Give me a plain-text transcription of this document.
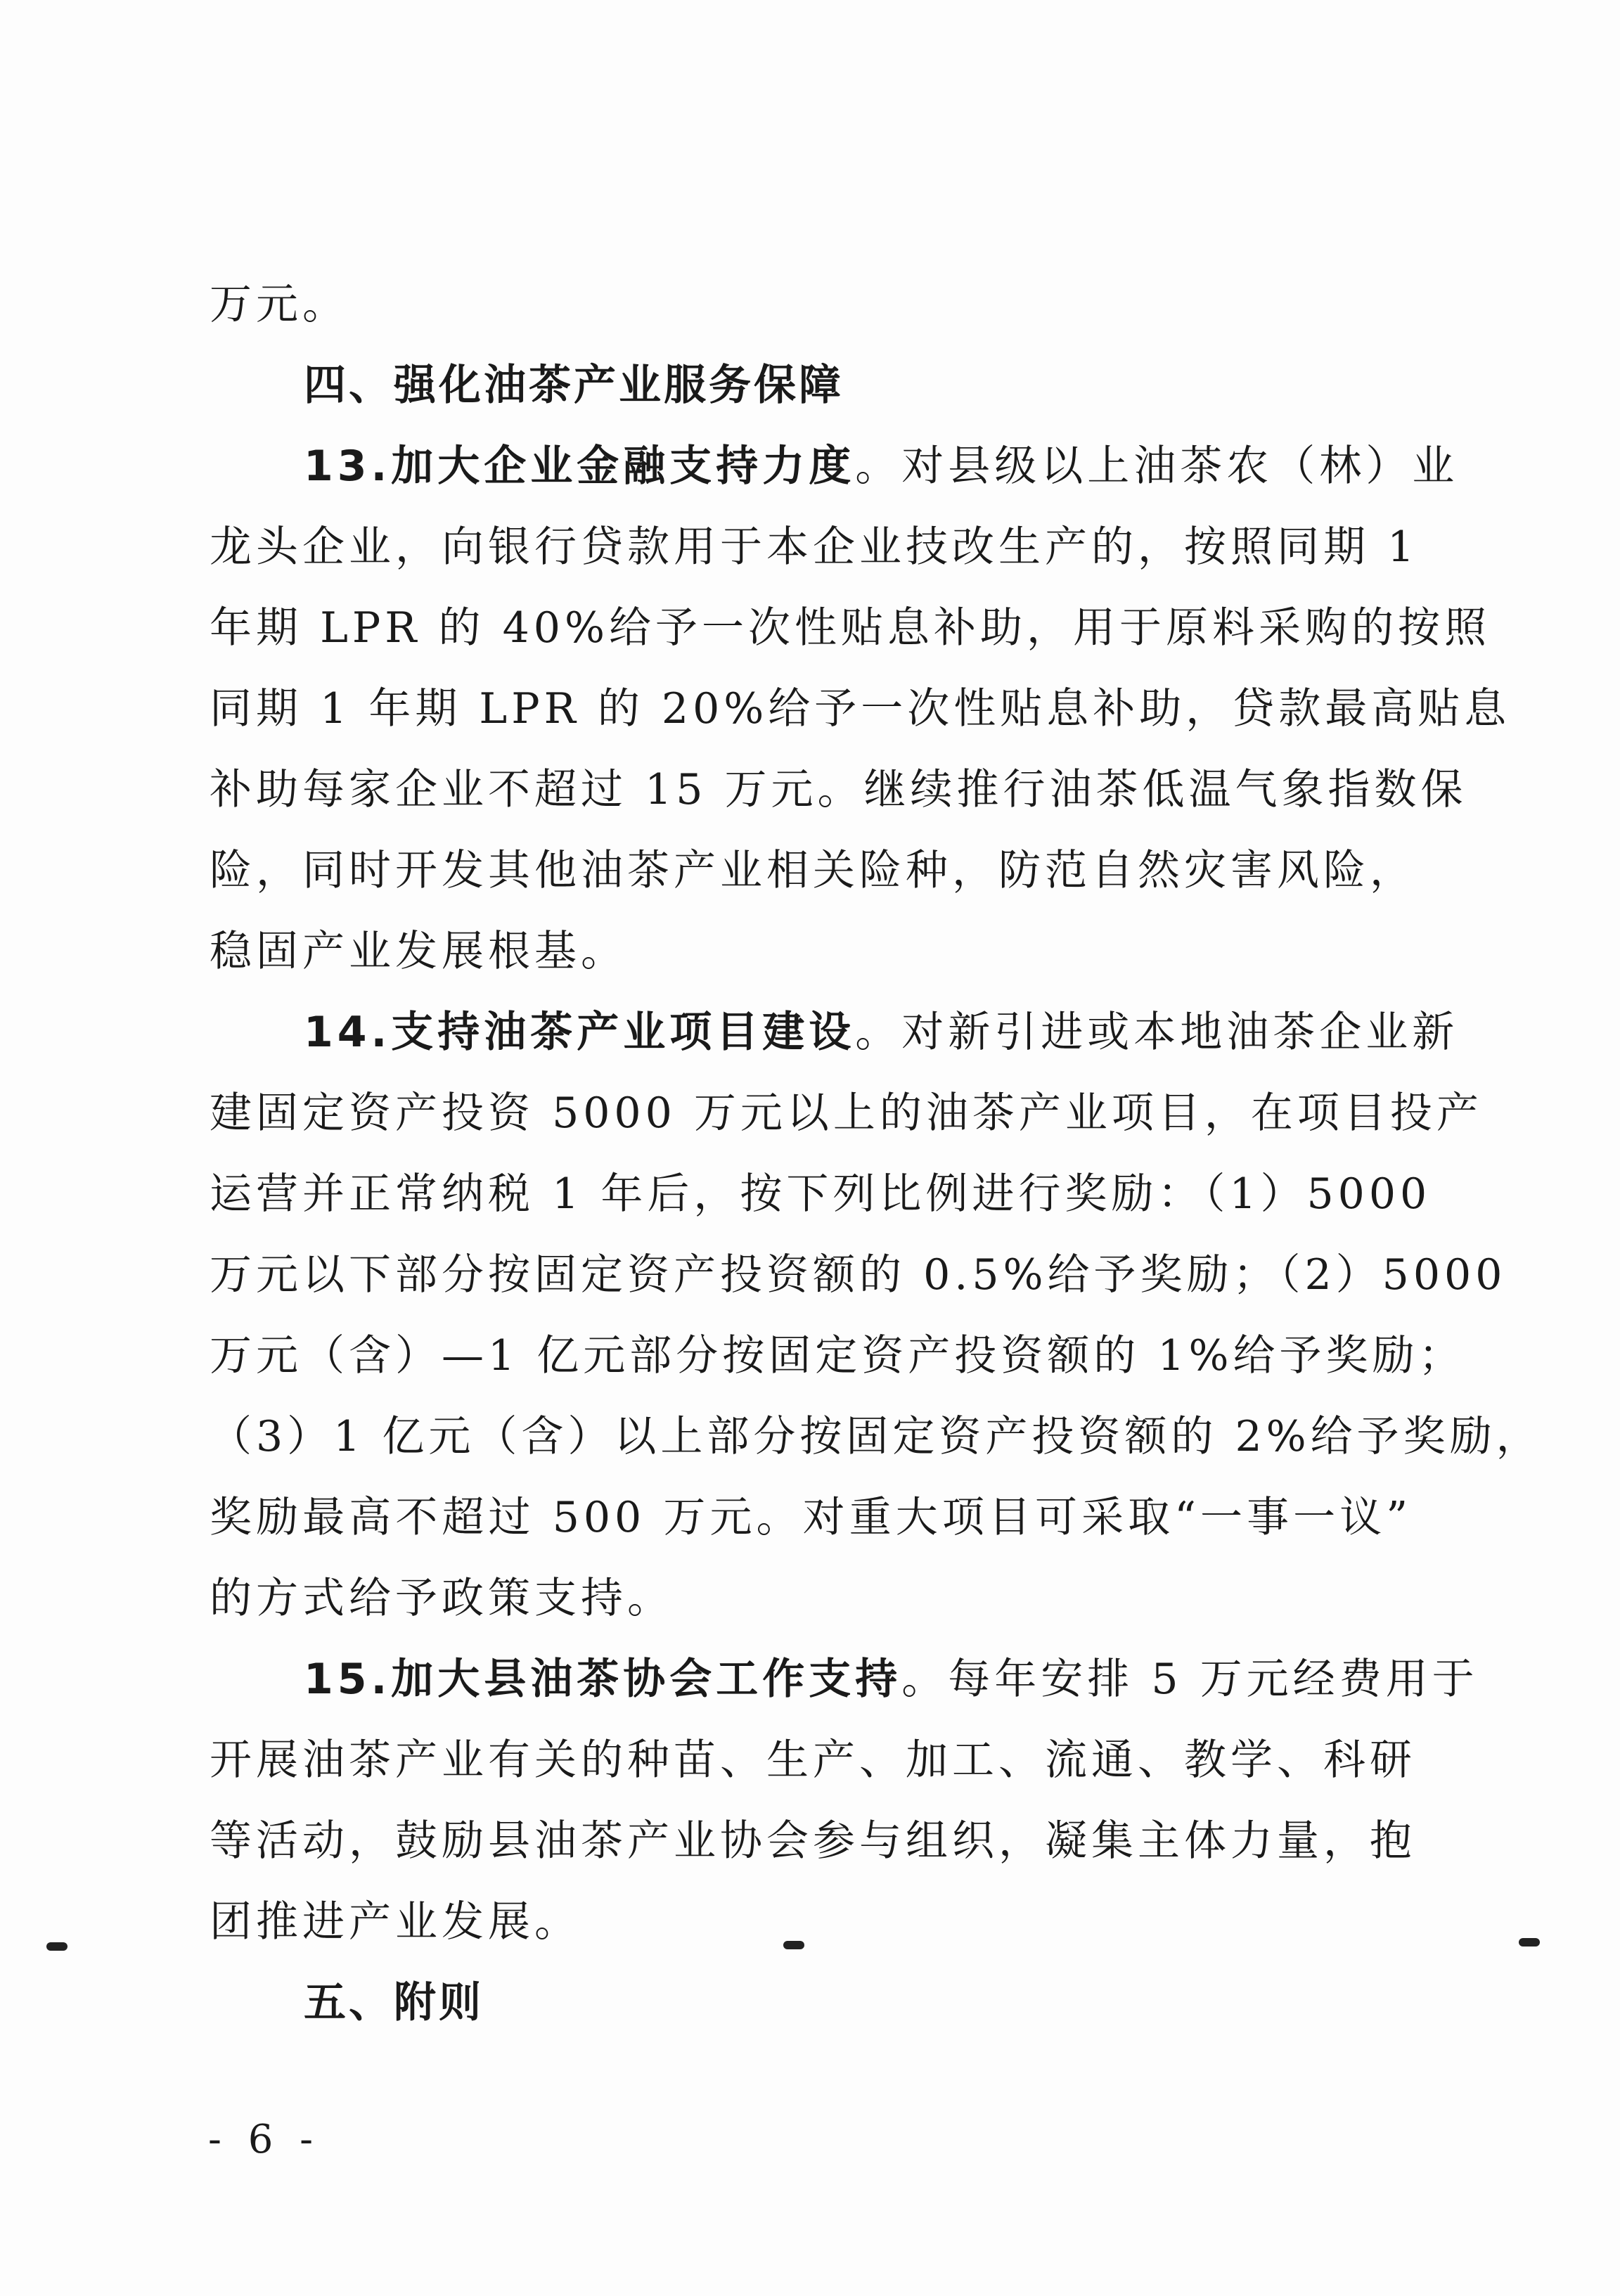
万元。
四、强化油茶产业服务保障
13.加大企业金融支持力度。对县级以上油茶农（林）业
龙头企业，向银行贷款用于本企业技改生产的，按照同期 1
年期 LPR 的 40%给予一次性贴息补助，用于原料采购的按照
同期 1 年期 LPR 的 20%给予一次性贴息补助，贷款最高贴息
补助每家企业不超过 15 万元。继续推行油茶低温气象指数保
险，同时开发其他油茶产业相关险种，防范自然灾害风险，
稳固产业发展根基。
14.支持油茶产业项目建设。对新引进或本地油茶企业新
建固定资产投资 5000 万元以上的油茶产业项目，在项目投产
运营并正常纳税 1 年后，按下列比例进行奖励：（1）5000
万元以下部分按固定资产投资额的 0.5%给予奖励；（2）5000
万元（含）—1 亿元部分按固定资产投资额的 1%给予奖励；
（3）1 亿元（含）以上部分按固定资产投资额的 2%给予奖励，
奖励最高不超过 500 万元。对重大项目可采取“一事一议”
的方式给予政策支持。
15.加大县油茶协会工作支持。每年安排 5 万元经费用于
开展油茶产业有关的种苗、生产、加工、流通、教学、科研
等活动，鼓励县油茶产业协会参与组织，凝集主体力量，抱
团推进产业发展。
五、附则
- 6 -
